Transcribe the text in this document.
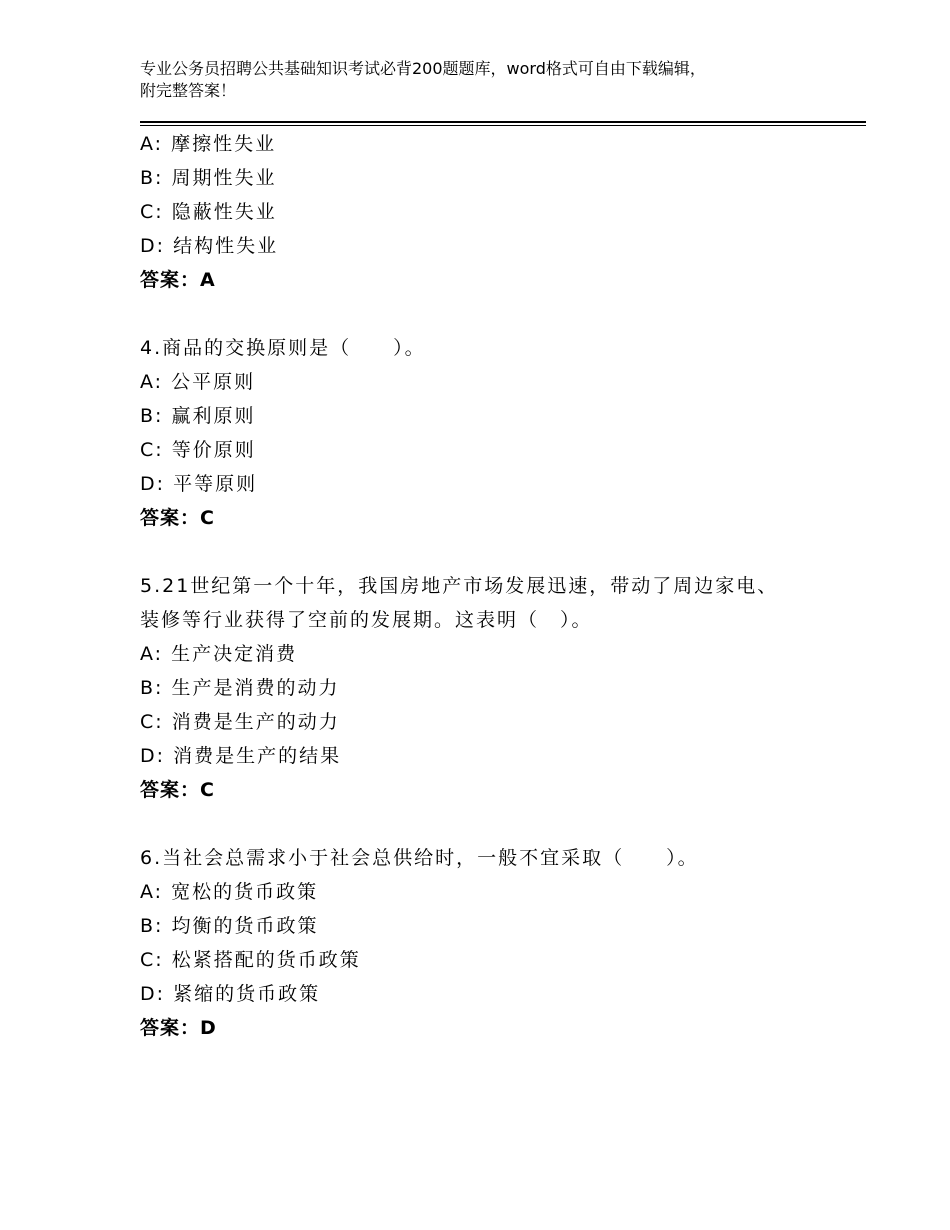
专业公务员招聘公共基础知识考试必背200题题库，word格式可自由下载编辑，
附完整答案！
A: 摩擦性失业
B: 周期性失业
C: 隐蔽性失业
D: 结构性失业
答案：A
4.商品的交换原则是（　　）。
A: 公平原则
B: 赢利原则
C: 等价原则
D: 平等原则
答案：C
5.21世纪第一个十年，我国房地产市场发展迅速，带动了周边家电、
装修等行业获得了空前的发展期。这表明（　）。
A: 生产决定消费
B: 生产是消费的动力
C: 消费是生产的动力
D: 消费是生产的结果
答案：C
6.当社会总需求小于社会总供给时，一般不宜采取（　　）。
A: 宽松的货币政策
B: 均衡的货币政策
C: 松紧搭配的货币政策
D: 紧缩的货币政策
答案：D
